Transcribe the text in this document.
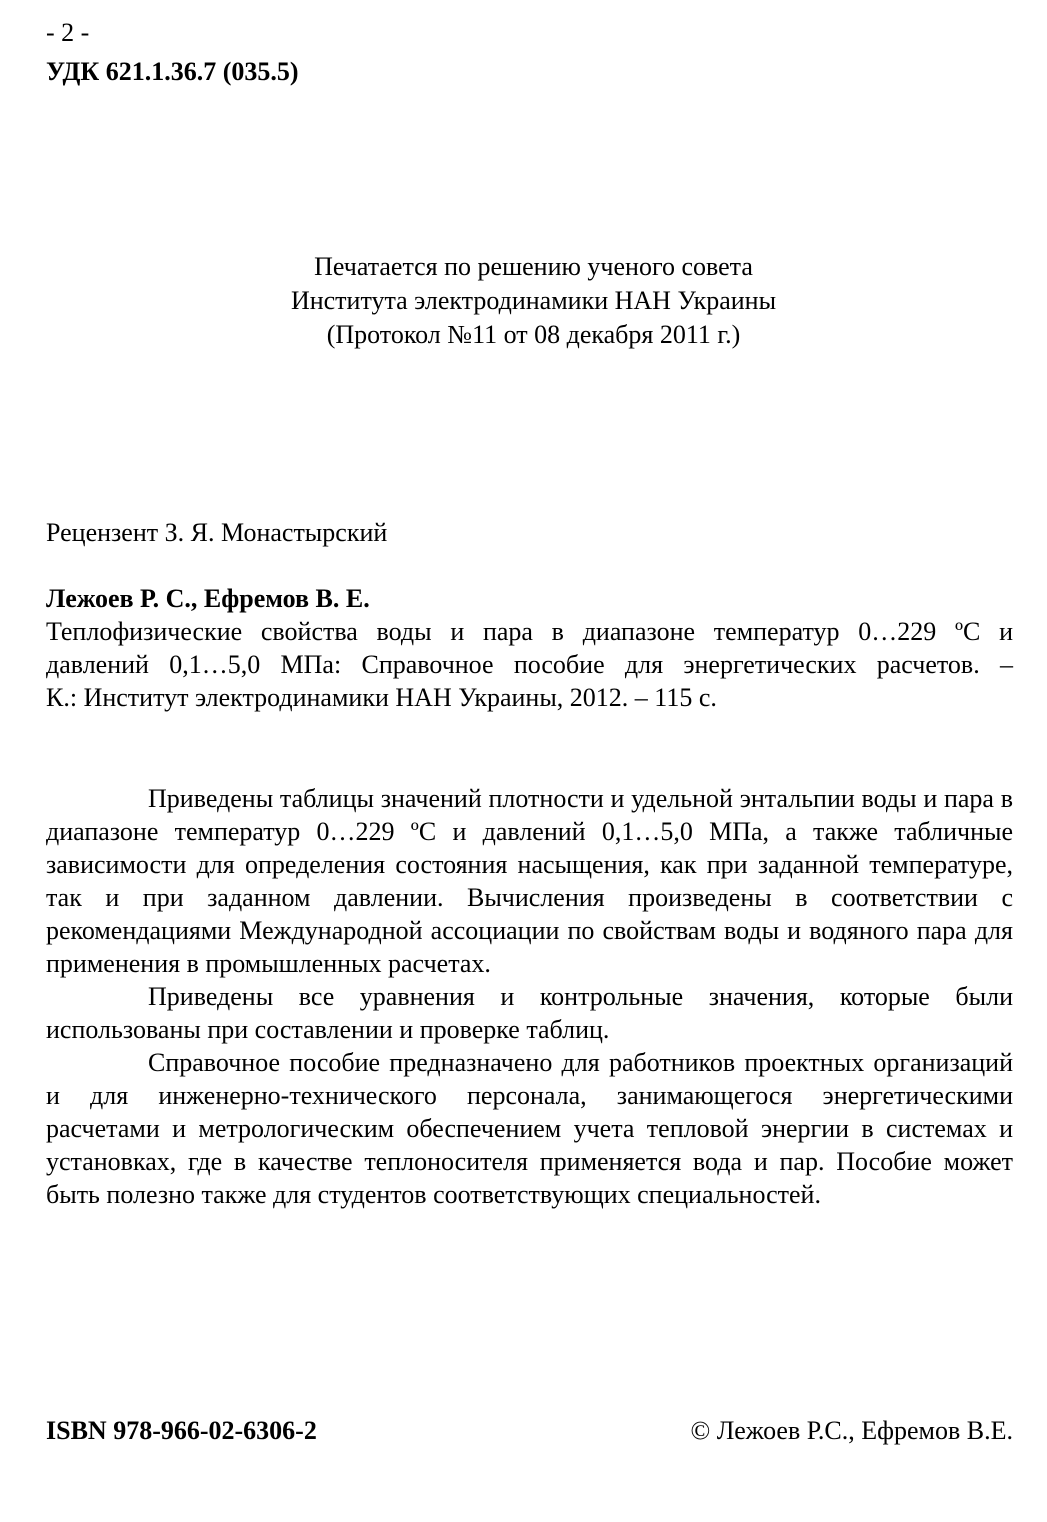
- 2 -
УДК 621.1.36.7 (035.5)
Печатается по решению ученого совета
Института электродинамики НАН Украины
(Протокол №11 от 08 декабря 2011 г.)
Рецензент З. Я. Монастырский
Лежоев Р. С., Ефремов В. Е.
Теплофизические свойства воды и пара в диапазоне температур 0…229 ºС и
давлений 0,1…5,0 МПа: Справочное пособие для энергетических расчетов. –
К.: Институт электродинамики НАН Украины, 2012. – 115 с.

Приведены таблицы значений плотности и удельной энтальпии воды и пара в диапазоне температур 0…229 ºС и давлений 0,1…5,0 МПа, а также табличные зависимости для определения состояния насыщения, как при заданной температуре, так и при заданном давлении. Вычисления произведены в соответствии с рекомендациями Международной ассоциации по свойствам воды и водяного пара для применения в промышленных расчетах.

Приведены все уравнения и контрольные значения, которые были использованы при составлении и проверке таблиц.

Справочное пособие предназначено для работников проектных организаций и для инженерно-технического персонала, занимающегося энергетическими расчетами и метрологическим обеспечением учета тепловой энергии в системах и установках, где в качестве теплоносителя применяется вода и пар. Пособие может быть полезно также для студентов соответствующих специальностей.

ISBN 978-966-02-6306-2	© Лежоев Р.С., Ефремов В.Е.
